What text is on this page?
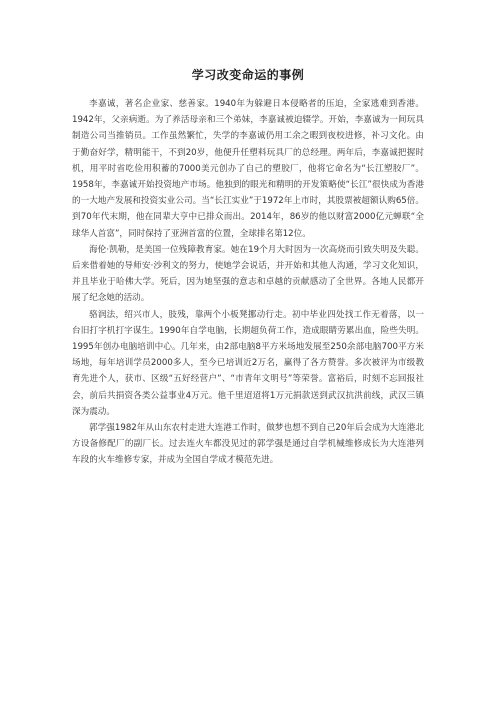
学习改变命运的事例

李嘉诚，著名企业家、慈善家。1940年为躲避日本侵略者的压迫，全家逃难到香港。1942年，父亲病逝。为了养活母亲和三个弟妹，李嘉诚被迫辍学。开始，李嘉诚为一间玩具制造公司当推销员。工作虽然繁忙，失学的李嘉诚仍用工余之暇到夜校进修，补习文化。由于勤奋好学，精明能干，不到20岁，他便升任塑料玩具厂的总经理。两年后，李嘉诚把握时机，用平时省吃俭用积蓄的7000美元创办了自己的塑胶厂，他将它命名为“长江塑胶厂”。1958年，李嘉诚开始投资地产市场。他独到的眼光和精明的开发策略使“长江”很快成为香港的一大地产发展和投资实业公司。当“长江实业”于1972年上市时，其股票被超额认购65倍。到70年代末期，他在同辈大亨中已排众而出。2014年，86岁的他以财富2000亿元蝉联“全球华人首富”，同时保持了亚洲首富的位置，全球排名第12位。

海伦·凯勒，是美国一位残障教育家。她在19个月大时因为一次高烧而引致失明及失聪。后来借着她的导师安·沙利文的努力，使她学会说话，并开始和其他人沟通，学习文化知识，并且毕业于哈佛大学。死后，因为她坚强的意志和卓越的贡献感动了全世界。各地人民都开展了纪念她的活动。

骆润法，绍兴市人，肢残，靠两个小板凳挪动行走。初中毕业四处找工作无着落，以一台旧打字机打字谋生。1990年自学电脑，长期超负荷工作，造成眼睛劳累出血，险些失明。1995年创办电脑培训中心。几年来，由2部电脑8平方米场地发展至250余部电脑700平方米场地，每年培训学员2000多人，至今已培训近2万名，赢得了各方赞誉。多次被评为市级教育先进个人，获市、区级“五好经营户”、“市青年文明号”等荣誉。富裕后，时刻不忘回报社会，前后共捐资各类公益事业4万元。他千里迢迢将1万元捐款送到武汉抗洪前线，武汉三镇深为震动。

郭学强1982年从山东农村走进大连港工作时，做梦也想不到自己20年后会成为大连港北方设备修配厂的副厂长。过去连火车都没见过的郭学强是通过自学机械维修成长为大连港列车段的火车维修专家，并成为全国自学成才模范先进。
